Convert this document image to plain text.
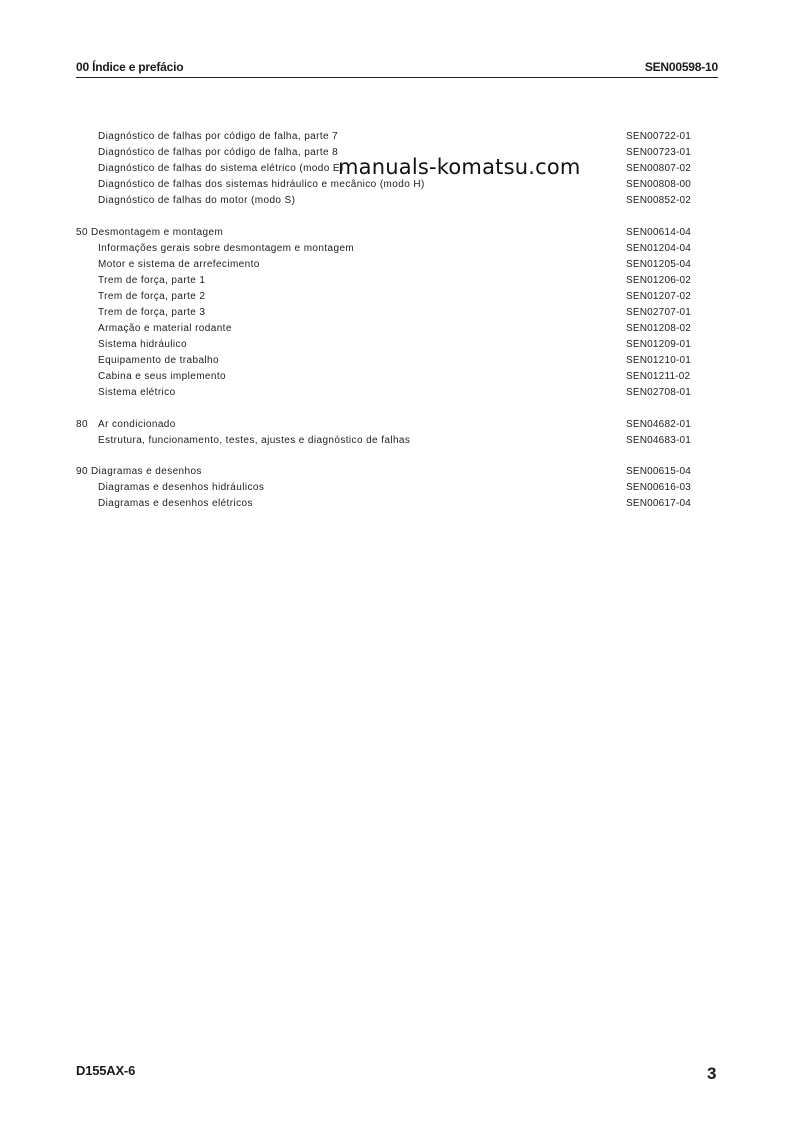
00 Índice e prefácio	SEN00598-10
Diagnóstico de falhas por código de falha, parte 7	SEN00722-01
Diagnóstico de falhas por código de falha, parte 8	SEN00723-01
Diagnóstico de falhas do sistema elétrico (modo E)	SEN00807-02
Diagnóstico de falhas dos sistemas hidráulico e mecânico (modo H)	SEN00808-00
Diagnóstico de falhas do motor (modo S)	SEN00852-02
50 Desmontagem e montagem	SEN00614-04
Informações gerais sobre desmontagem e montagem	SEN01204-04
Motor e sistema de arrefecimento	SEN01205-04
Trem de força, parte 1	SEN01206-02
Trem de força, parte 2	SEN01207-02
Trem de força, parte 3	SEN02707-01
Armação e material rodante	SEN01208-02
Sistema hidráulico	SEN01209-01
Equipamento de trabalho	SEN01210-01
Cabina e seus implemento	SEN01211-02
Sistema elétrico	SEN02708-01
80 Ar condicionado	SEN04682-01
Estrutura, funcionamento, testes, ajustes e diagnóstico de falhas	SEN04683-01
90 Diagramas e desenhos	SEN00615-04
Diagramas e desenhos hidráulicos	SEN00616-03
Diagramas e desenhos elétricos	SEN00617-04
manuals-komatsu.com
D155AX-6	3
